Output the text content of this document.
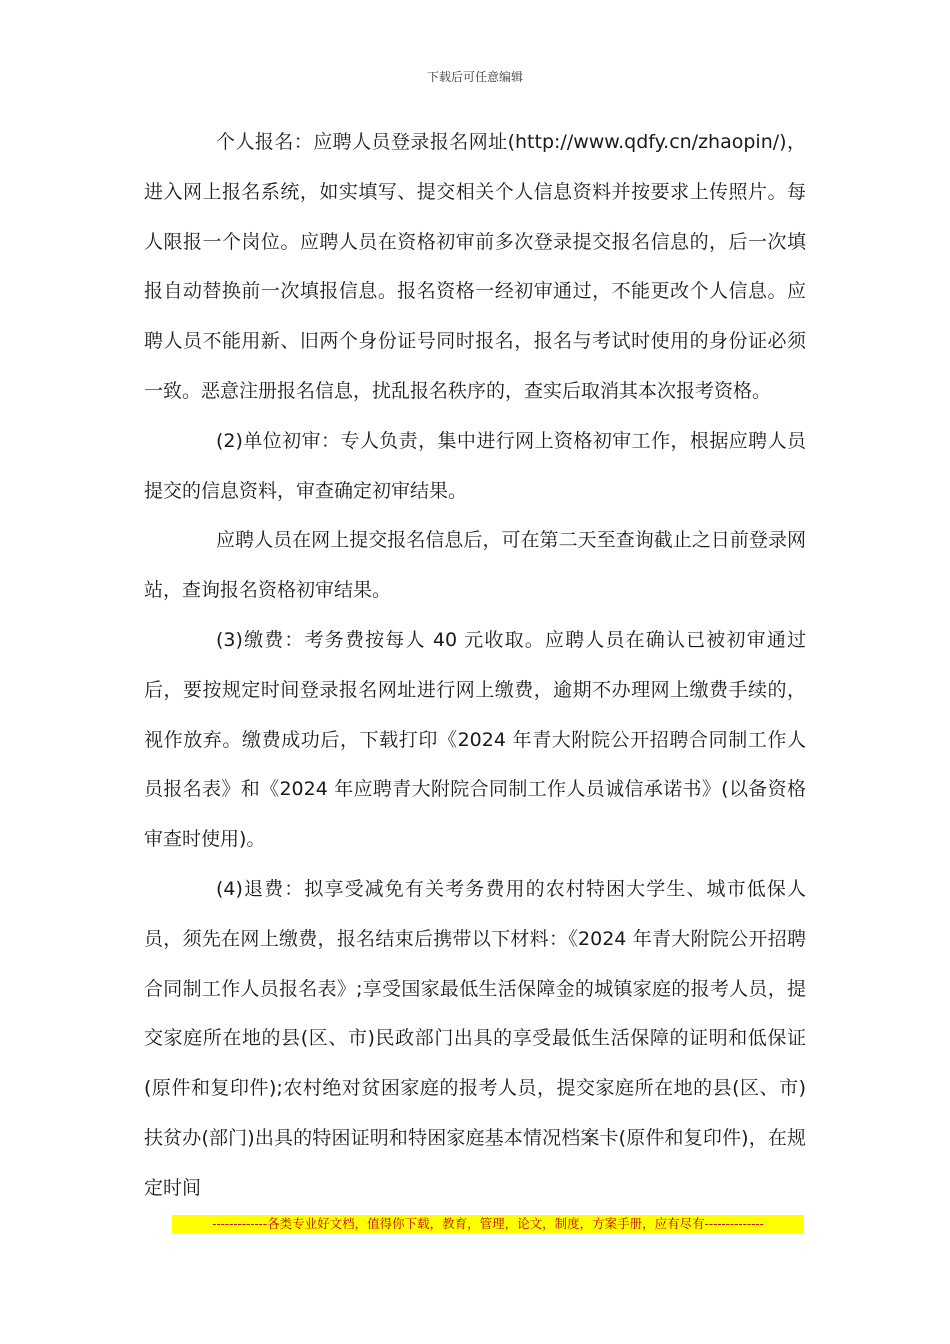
下载后可任意编辑

个人报名：应聘人员登录报名网址(http://www.qdfy.cn/zhaopin/)，进入网上报名系统，如实填写、提交相关个人信息资料并按要求上传照片。每人限报一个岗位。应聘人员在资格初审前多次登录提交报名信息的，后一次填报自动替换前一次填报信息。报名资格一经初审通过，不能更改个人信息。应聘人员不能用新、旧两个身份证号同时报名，报名与考试时使用的身份证必须一致。恶意注册报名信息，扰乱报名秩序的，查实后取消其本次报考资格。

(2)单位初审：专人负责，集中进行网上资格初审工作，根据应聘人员提交的信息资料，审查确定初审结果。

应聘人员在网上提交报名信息后，可在第二天至查询截止之日前登录网站，查询报名资格初审结果。

(3)缴费：考务费按每人 40 元收取。应聘人员在确认已被初审通过后，要按规定时间登录报名网址进行网上缴费，逾期不办理网上缴费手续的，视作放弃。缴费成功后，下载打印《2024 年青大附院公开招聘合同制工作人员报名表》和《2024 年应聘青大附院合同制工作人员诚信承诺书》(以备资格审查时使用)。

(4)退费：拟享受减免有关考务费用的农村特困大学生、城市低保人员，须先在网上缴费，报名结束后携带以下材料：《2024 年青大附院公开招聘合同制工作人员报名表》;享受国家最低生活保障金的城镇家庭的报考人员，提交家庭所在地的县(区、市)民政部门出具的享受最低生活保障的证明和低保证(原件和复印件);农村绝对贫困家庭的报考人员，提交家庭所在地的县(区、市)扶贫办(部门)出具的特困证明和特困家庭基本情况档案卡(原件和复印件)，在规定时间

-------------各类专业好文档，值得你下载，教育，管理，论文，制度，方案手册，应有尽有--------------
